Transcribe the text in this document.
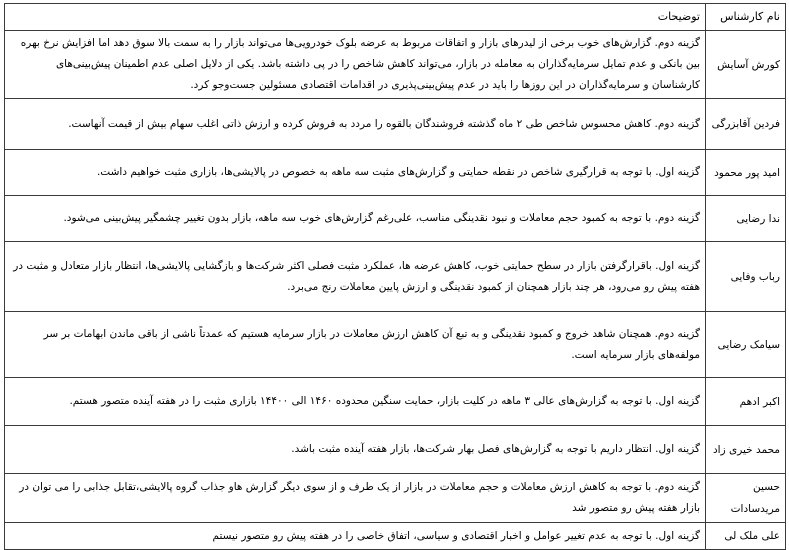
نام کارشناس	توضیحات
کورش آسایش	گزینه دوم. گزارش‌های خوب برخی از لیدرهای بازار و اتفاقات مربوط به عرضه بلوک خودرویی‌ها می‌تواند بازار را به سمت بالا سوق دهد اما افزایش نرخ بهره بین بانکی و عدم تمایل سرمایه‌گذاران به معامله در بازار، می‌تواند کاهش شاخص را در پی داشته باشد. یکی از دلایل اصلی عدم اطمینان پیش‌بینی‌های کارشناسان و سرمایه‌گذاران در این روزها را باید در عدم پیش‌بینی‌پذیری در اقدامات اقتصادی مسئولین جست‌وجو کرد.
فردین آقابزرگی	گزینه دوم. کاهش محسوس شاخص طی ۲ ماه گذشته فروشندگان بالقوه را مردد به فروش کرده و ارزش ذاتی اغلب سهام بیش از قیمت آنهاست.
امید پور محمود	گزینه اول. با توجه به قرارگیری شاخص در نقطه حمایتی و گزارش‌های مثبت سه ماهه به خصوص در پالایشی‌ها، بازاری مثبت خواهیم داشت.
ندا رضایی	گزینه دوم. با توجه به کمبود حجم معاملات و نبود نقدینگی مناسب، علی‌رغم گزارش‌های خوب سه ماهه، بازار بدون تغییر چشمگیر پیش‌بینی می‌شود.
رباب وفایی	گزینه اول. باقرارگرفتن بازار در سطح حمایتی خوب، کاهش عرضه ها، عملکرد مثبت فصلی اکثر شرکت‌ها و بازگشایی پالایشی‌ها، انتظار بازار متعادل و مثبت در هفته پیش رو می‌رود، هر چند بازار همچنان از کمبود نقدینگی و ارزش پایین معاملات رنج می‌برد.
سیامک رضایی	گزینه دوم. همچنان شاهد خروج و کمبود نقدینگی و به تبع آن کاهش ارزش معاملات در بازار سرمایه هستیم که عمدتاً ناشی از باقی ماندن ابهامات بر سر مولفه‌های بازار سرمایه است.
اکبر ادهم	گزینه اول. با توجه به گزارش‌های عالی ۳ ماهه در کلیت بازار، حمایت سنگین محدوده ۱۴۶۰ الی ۱۴۴۰۰ بازاری مثبت را در هفته آینده متصور هستم.
محمد خیری زاد	گزینه اول. انتظار داریم با توجه به گزارش‌های فصل بهار شرکت‌ها، بازار هفته آینده مثبت باشد.
حسین مریدسادات	گزینه دوم. با توجه به کاهش ارزش معاملات و حجم معاملات در بازار از یک طرف و از سوی دیگر گزارش هاو جذاب گروه پالایشی،تقابل جذابی را می توان در بازار هفته پیش رو متصور شد
علی ملک لی	گزینه اول. با توجه به عدم تغییر عوامل و اخبار اقتصادی و سیاسی، اتفاق خاصی را در هفته پیش رو متصور نیستم
